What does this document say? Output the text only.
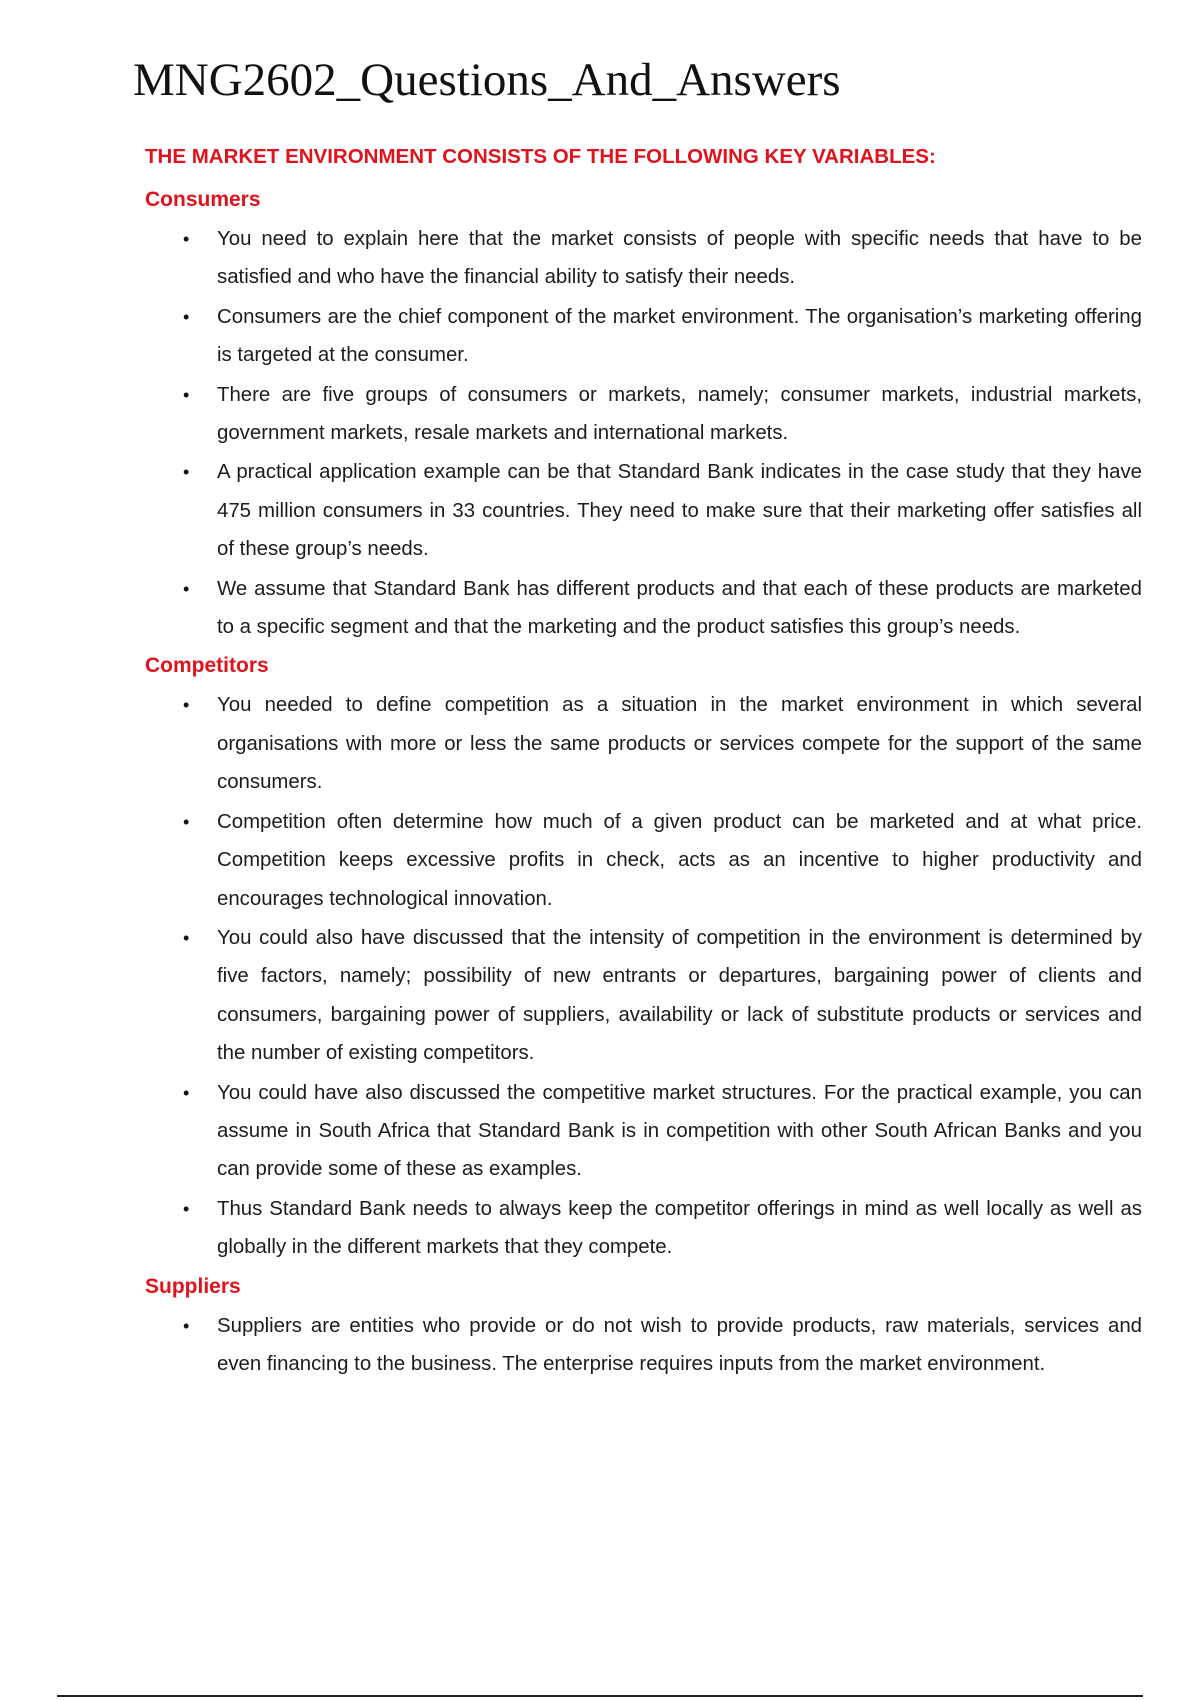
MNG2602_Questions_And_Answers
THE MARKET ENVIRONMENT CONSISTS OF THE FOLLOWING KEY VARIABLES:
Consumers
• You need to explain here that the market consists of people with specific needs that have to be satisfied and who have the financial ability to satisfy their needs.
• Consumers are the chief component of the market environment. The organisation’s marketing offering is targeted at the consumer.
• There are five groups of consumers or markets, namely; consumer markets, industrial markets, government markets, resale markets and international markets.
• A practical application example can be that Standard Bank indicates in the case study that they have 475 million consumers in 33 countries. They need to make sure that their marketing offer satisfies all of these group’s needs.
• We assume that Standard Bank has different products and that each of these products are marketed to a specific segment and that the marketing and the product satisfies this group’s needs.
Competitors
• You needed to define competition as a situation in the market environment in which several organisations with more or less the same products or services compete for the support of the same consumers.
• Competition often determine how much of a given product can be marketed and at what price. Competition keeps excessive profits in check, acts as an incentive to higher productivity and encourages technological innovation.
• You could also have discussed that the intensity of competition in the environment is determined by five factors, namely; possibility of new entrants or departures, bargaining power of clients and consumers, bargaining power of suppliers, availability or lack of substitute products or services and the number of existing competitors.
• You could have also discussed the competitive market structures. For the practical example, you can assume in South Africa that Standard Bank is in competition with other South African Banks and you can provide some of these as examples.
• Thus Standard Bank needs to always keep the competitor offerings in mind as well locally as well as globally in the different markets that they compete.
Suppliers
• Suppliers are entities who provide or do not wish to provide products, raw materials, services and even financing to the business. The enterprise requires inputs from the market environment.
